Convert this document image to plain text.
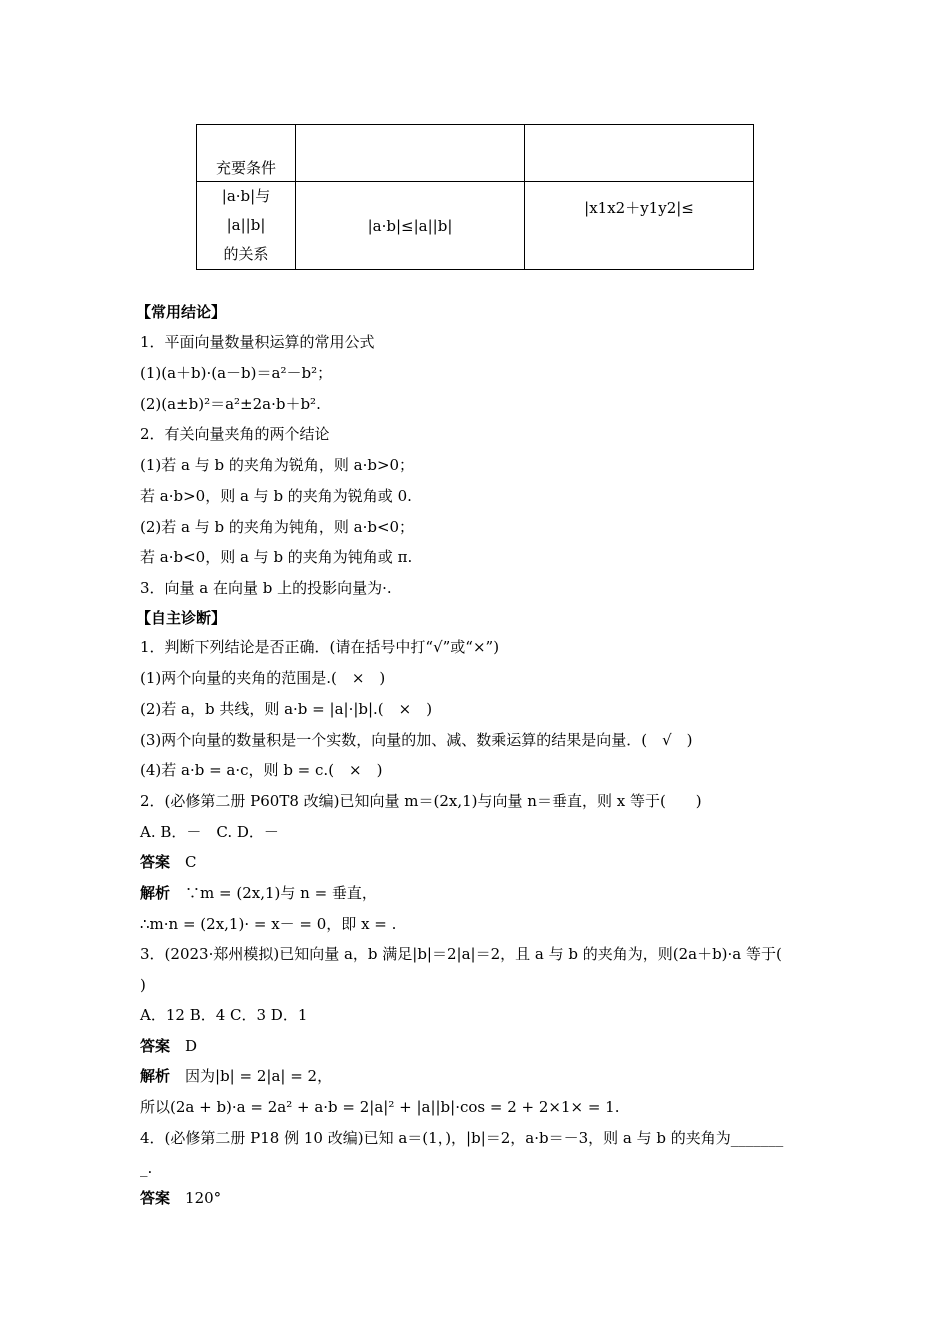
充要条件		

|a·b|与
|a||b|
的关系	|a·b|≤|a||b|	|x1x2＋y1y2|≤
【常用结论】
1．平面向量数量积运算的常用公式
(1)(a＋b)·(a－b)＝a²－b²；
(2)(a±b)²＝a²±2a·b＋b².
2．有关向量夹角的两个结论
(1)若 a 与 b 的夹角为锐角，则 a·b>0；
若 a·b>0，则 a 与 b 的夹角为锐角或 0.
(2)若 a 与 b 的夹角为钝角，则 a·b<0；
若 a·b<0，则 a 与 b 的夹角为钝角或 π.
3．向量 a 在向量 b 上的投影向量为·.
【自主诊断】
1．判断下列结论是否正确．(请在括号中打“√”或“×”)
(1)两个向量的夹角的范围是.(　×　)
(2)若 a，b 共线，则 a·b = |a|·|b|.(　×　)
(3)两个向量的数量积是一个实数，向量的加、减、数乘运算的结果是向量．(　√　)
(4)若 a·b = a·c，则 b = c.(　×　)
2．(必修第二册 P60T8 改编)已知向量 m＝(2x,1)与向量 n＝垂直，则 x 等于(　　)
A. B．－　C. D．－
答案　 C
解析　 ∵m = (2x,1)与 n = 垂直，
∴m·n = (2x,1)· = x－ = 0，即 x = .
3．(2023·郑州模拟)已知向量 a，b 满足|b|＝2|a|＝2，且 a 与 b 的夹角为，则(2a＋b)·a 等于(
)
A．12 B．4 C．3 D．1
答案　 D
解析　 因为|b| = 2|a| = 2，
所以(2a + b)·a = 2a² + a·b = 2|a|² + |a||b|·cos = 2 + 2×1× = 1.
4．(必修第二册 P18 例 10 改编)已知 a＝(1，)，|b|＝2，a·b＝－3，则 a 与 b 的夹角为_______
_.
答案　 120°
